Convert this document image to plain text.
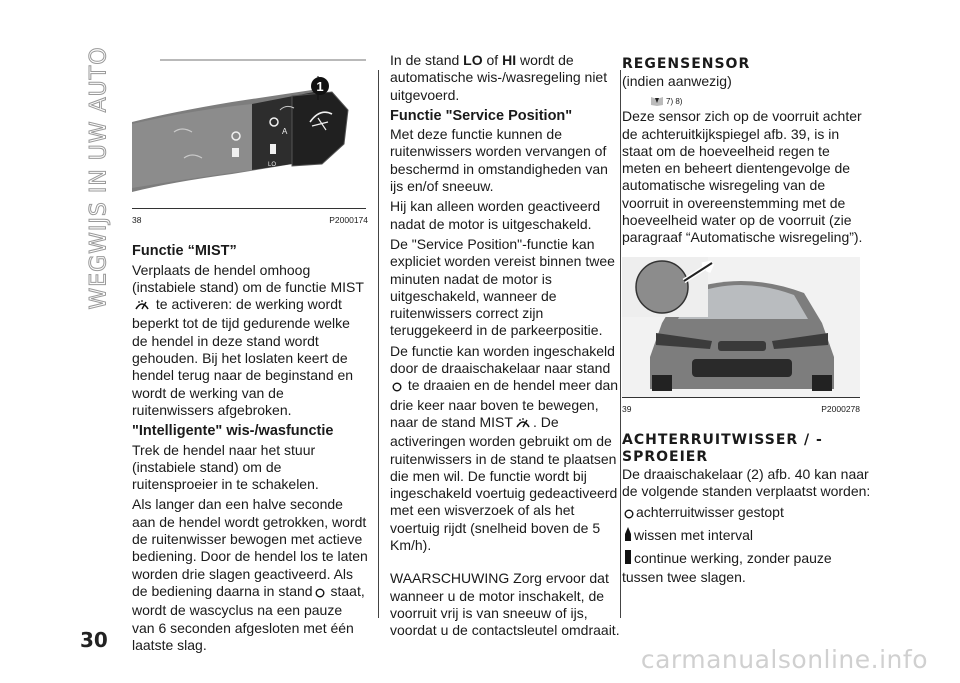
WEGWIJS IN UW AUTO	A
LO
1
38	P2000174
Functie “MIST”

Verplaats de hendel omhoog (instabiele stand) om de functie MIST te activeren: de werking wordt beperkt tot de tijd gedurende welke de hendel in deze stand wordt gehouden. Bij het loslaten keert de hendel terug naar de beginstand en wordt de werking van de ruitenwissers afgebroken.

"Intelligente" wis-/wasfunctie

Trek de hendel naar het stuur (instabiele stand) om de ruitensproeier in te schakelen.

Als langer dan een halve seconde aan de hendel wordt getrokken, wordt de ruitenwisser bewogen met actieve bediening. Door de hendel los te laten worden drie slagen geactiveerd. Als de bediening daarna in stand staat, wordt de wascyclus na een pauze van 6 seconden afgesloten met één laatste slag.

In de stand LO of HI wordt de automatische wis-/wasregeling niet uitgevoerd.

Functie "Service Position"

Met deze functie kunnen de ruitenwissers worden vervangen of beschermd in omstandigheden van ijs en/of sneeuw.

Hij kan alleen worden geactiveerd nadat de motor is uitgeschakeld.

De "Service Position"-functie kan expliciet worden vereist binnen twee minuten nadat de motor is uitgeschakeld, wanneer de ruitenwissers correct zijn teruggekeerd in de parkeerpositie.

De functie kan worden ingeschakeld door de draaischakelaar naar stand
te draaien en de hendel meer dan drie keer naar boven te bewegen, naar de stand MIST . De activeringen worden gebruikt om de ruitenwissers in de stand te plaatsen die men wil. De functie wordt bij ingeschakeld voertuig gedeactiveerd met een wisverzoek of als het voertuig rijdt (snelheid boven de 5 Km/h).

WAARSCHUWING Zorg ervoor dat wanneer u de motor inschakelt, de voorruit vrij is van sneeuw of ijs, voordat u de contactsleutel omdraait.

REGENSENSOR

(indien aanwezig)

7) 8)

Deze sensor zich op de voorruit achter de achteruitkijkspiegel afb. 39, is in staat om de hoeveelheid regen te meten en beheert dientengevolge de automatische wisregeling van de voorruit in overeenstemming met de hoeveelheid water op de voorruit (zie paragraaf “Automatische wisregeling”).

39	P2000278
ACHTERRUITWISSER / - SPROEIER

De draaischakelaar (2) afb. 40 kan naar de volgende standen verplaatst worden:

achterruitwisser gestopt

wissen met interval

continue werking, zonder pauze tussen twee slagen.

30
carmanualsonline.info
